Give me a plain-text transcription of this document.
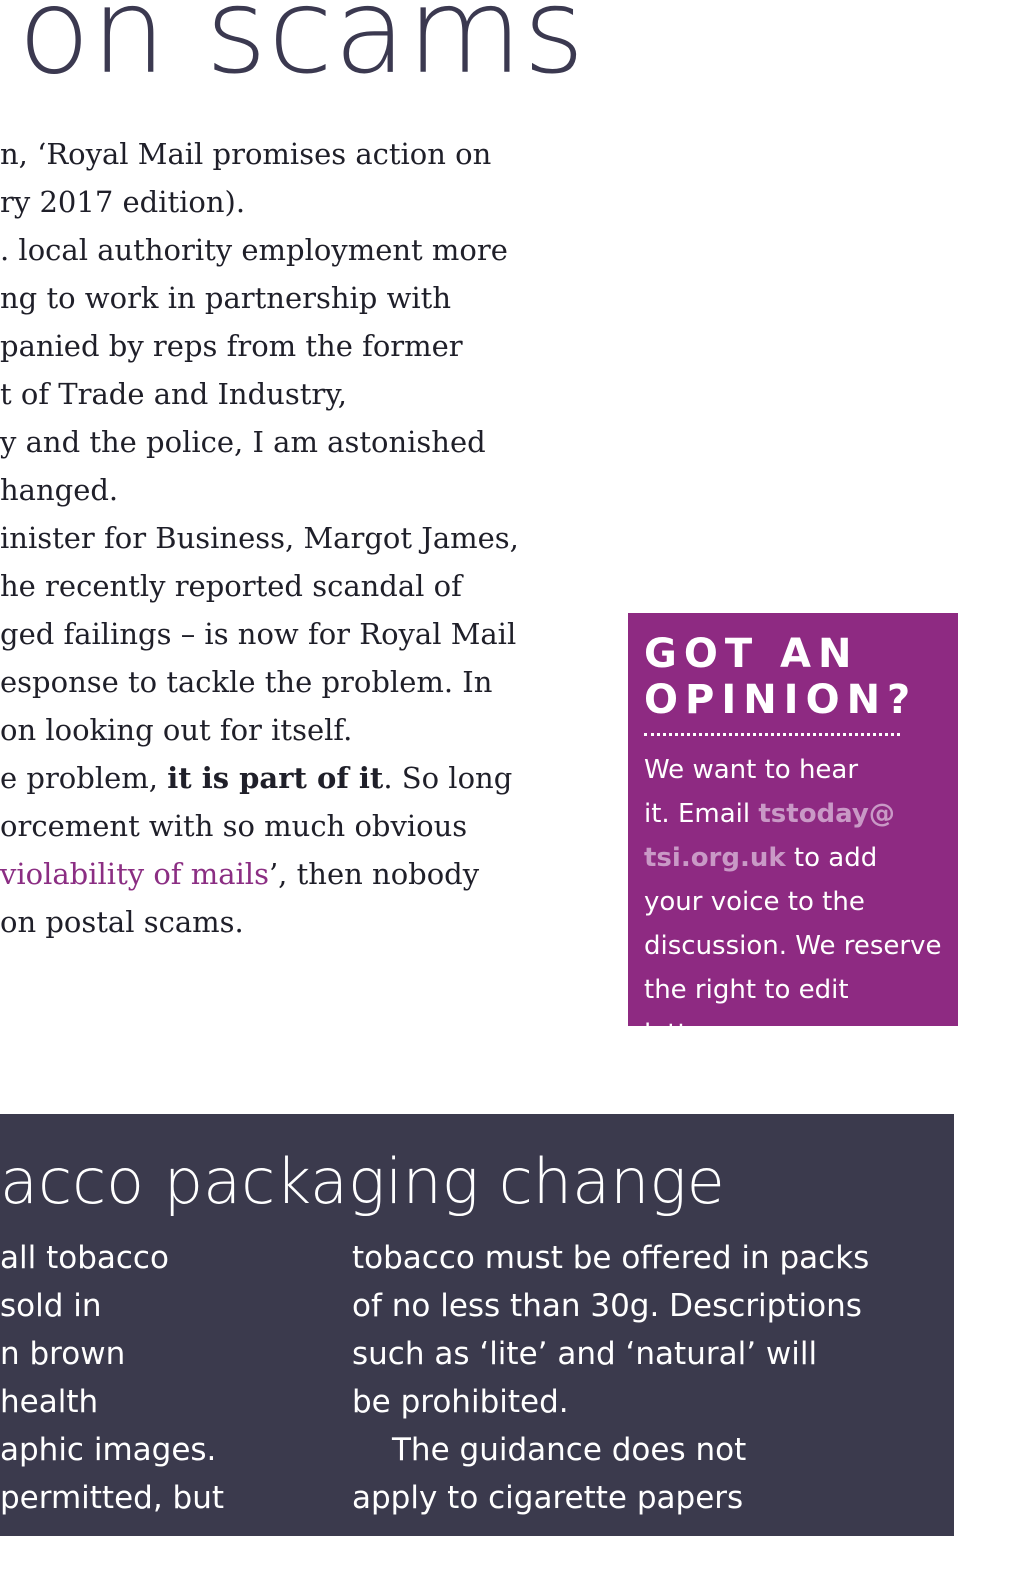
on scams
n, ‘Royal Mail promises action on
ry 2017 edition).
. local authority employment more
ng to work in partnership with
panied by reps from the former
t of Trade and Industry,
y and the police, I am astonished
hanged.
inister for Business, Margot James,
he recently reported scandal of
ged failings – is now for Royal Mail
esponse to tackle the problem. In
on looking out for itself.
e problem, it is part of it. So long
orcement with so much obvious
violability of mails’, then nobody
on postal scams.
GOT AN
OPINION?
We want to hear
it. Email tstoday@
tsi.org.uk to add
your voice to the
discussion. We reserve
the right to edit letters.
acco packaging change
all tobacco
sold in
n brown
health
aphic images.
permitted, but
...
tobacco must be offered in packs
of no less than 30g. Descriptions
such as ‘lite’ and ‘natural’ will
be prohibited.
The guidance does not
apply to cigarette papers
...
